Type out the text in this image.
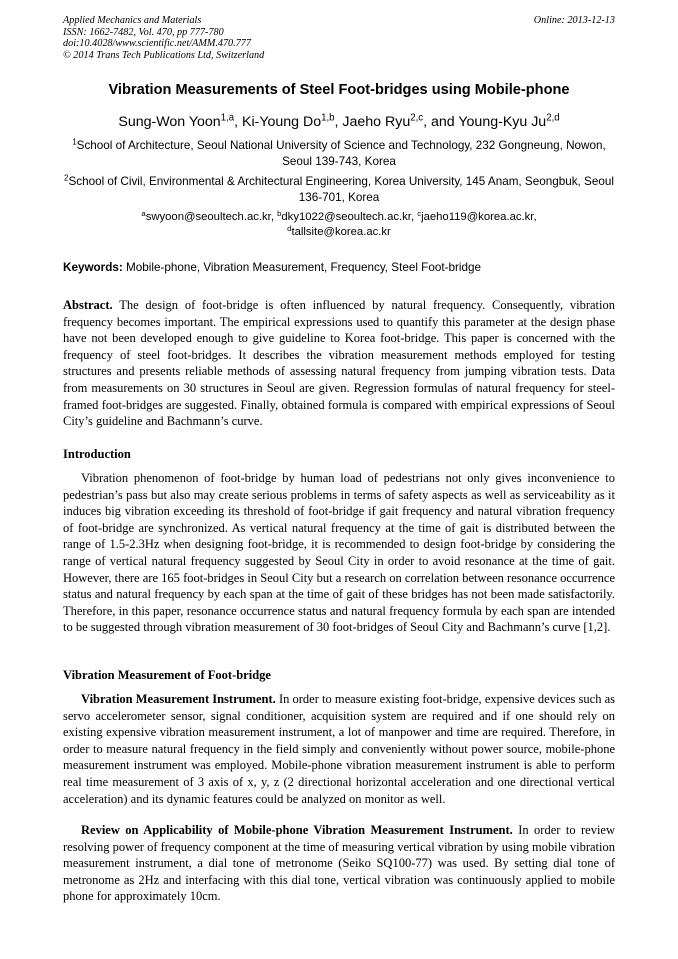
Applied Mechanics and Materials
ISSN: 1662-7482, Vol. 470, pp 777-780
doi:10.4028/www.scientific.net/AMM.470.777
© 2014 Trans Tech Publications Ltd, Switzerland
Online: 2013-12-13
Vibration Measurements of Steel Foot-bridges using Mobile-phone
Sung-Won Yoon$^{1,a}$, Ki-Young Do$^{1,b}$, Jaeho Ryu$^{2,c}$, and Young-Kyu Ju$^{2,d}$
$^1$School of Architecture, Seoul National University of Science and Technology, 232 Gongneung, Nowon, Seoul 139-743, Korea
$^2$School of Civil, Environmental & Architectural Engineering, Korea University, 145 Anam, Seongbuk, Seoul 136-701, Korea
$^a$swyoon@seoultech.ac.kr, $^b$dky1022@seoultech.ac.kr, $^c$jaeho119@korea.ac.kr,
$^d$tallsite@korea.ac.kr
Keywords: Mobile-phone, Vibration Measurement, Frequency, Steel Foot-bridge
Abstract. The design of foot-bridge is often influenced by natural frequency. Consequently, vibration frequency becomes important. The empirical expressions used to quantify this parameter at the design phase have not been developed enough to give guideline to Korea foot-bridge. This paper is concerned with the frequency of steel foot-bridges. It describes the vibration measurement methods employed for testing structures and presents reliable methods of assessing natural frequency from jumping vibration tests. Data from measurements on 30 structures in Seoul are given. Regression formulas of natural frequency for steel-framed foot-bridges are suggested. Finally, obtained formula is compared with empirical expressions of Seoul City’s guideline and Bachmann’s curve.
Introduction
Vibration phenomenon of foot-bridge by human load of pedestrians not only gives inconvenience to pedestrian’s pass but also may create serious problems in terms of safety aspects as well as serviceability as it induces big vibration exceeding its threshold of foot-bridge if gait frequency and natural vibration frequency of foot-bridge are synchronized. As vertical natural frequency at the time of gait is distributed between the range of 1.5-2.3Hz when designing foot-bridge, it is recommended to design foot-bridge by considering the range of vertical natural frequency suggested by Seoul City in order to avoid resonance at the time of gait. However, there are 165 foot-bridges in Seoul City but a research on correlation between resonance occurrence status and natural frequency by each span at the time of gait of these bridges has not been made satisfactorily. Therefore, in this paper, resonance occurrence status and natural frequency formula by each span are intended to be suggested through vibration measurement of 30 foot-bridges of Seoul City and Bachmann’s curve [1,2].
Vibration Measurement of Foot-bridge
Vibration Measurement Instrument. In order to measure existing foot-bridge, expensive devices such as servo accelerometer sensor, signal conditioner, acquisition system are required and if one should rely on existing expensive vibration measurement instrument, a lot of manpower and time are required. Therefore, in order to measure natural frequency in the field simply and conveniently without power source, mobile-phone measurement instrument was employed. Mobile-phone vibration measurement instrument is able to perform real time measurement of 3 axis of x, y, z (2 directional horizontal acceleration and one directional vertical acceleration) and its dynamic features could be analyzed on monitor as well.
Review on Applicability of Mobile-phone Vibration Measurement Instrument. In order to review resolving power of frequency component at the time of measuring vertical vibration by using mobile vibration measurement instrument, a dial tone of metronome (Seiko SQ100-77) was used. By setting dial tone of metronome as 2Hz and interfacing with this dial tone, vertical vibration was continuously applied to mobile phone for approximately 10cm.
